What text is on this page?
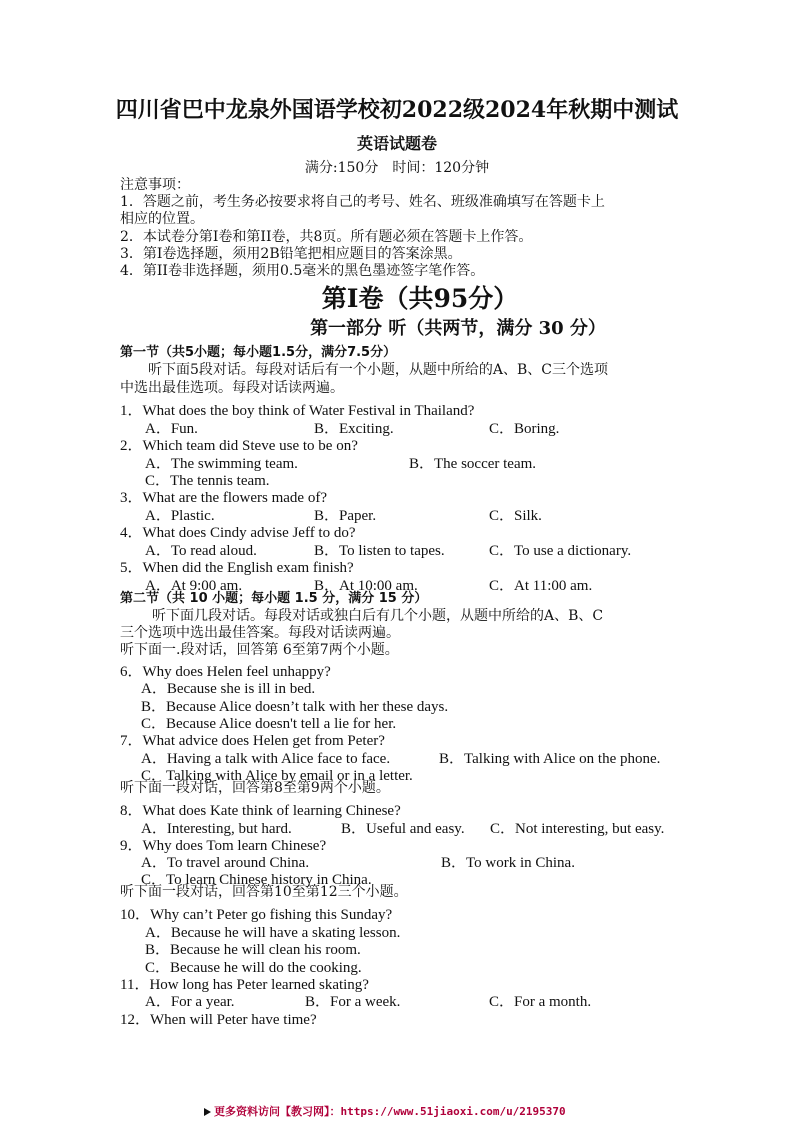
四川省巴中龙泉外国语学校初2022级2024年秋期中测试
英语试题卷
满分:150分　时间：120分钟
注意事项：
1．答题之前，考生务必按要求将自己的考号、姓名、班级准确填写在答题卡上
相应的位置。
2．本试卷分第I卷和第II卷，共8页。所有题必须在答题卡上作答。
3．第I卷选择题，须用2B铅笔把相应题目的答案涂黑。
4．第II卷非选择题，须用0.5毫米的黑色墨迹签字笔作答。
第I卷（共95分）
第一部分 听（共两节，满分 30 分）
第一节（共5小题；每小题1.5分，满分7.5分）
听下面5段对话。每段对话后有一个小题，从题中所给的A、B、C三个选项
中选出最佳选项。每段对话读两遍。
1．What does the boy think of Water Festival in Thailand?
A．Fun.	B．Exciting.	C．Boring.
2．Which team did Steve use to be on?
A．The swimming team.	B．The soccer team.
C．The tennis team.
3．What are the flowers made of?
A．Plastic.	B．Paper.	C．Silk.
4．What does Cindy advise Jeff to do?
A．To read aloud.	B．To listen to tapes.	C．To use a dictionary.
5．When did the English exam finish?
A．At 9:00 am.	B．At 10:00 am.	C．At 11:00 am.
第二节（共 10 小题；每小题 1.5 分，满分 15 分）
听下面几段对话。每段对话或独白后有几个小题，从题中所给的A、B、C
三个选项中选出最佳答案。每段对话读两遍。
听下面一.段对话，回答第 6至第7两个小题。
6．Why does Helen feel unhappy?
A．Because she is ill in bed.
B．Because Alice doesn’t talk with her these days.
C．Because Alice doesn't tell a lie for her.
7．What advice does Helen get from Peter?
A．Having a talk with Alice face to face.	B．Talking with Alice on the phone.
C．Talking with Alice by email or in a letter.
听下面一段对话，回答第8至第9两个小题。
8．What does Kate think of learning Chinese?
A．Interesting, but hard.	B．Useful and easy. C．Not interesting, but easy.
9．Why does Tom learn Chinese?
A．To travel around China.	B．To work in China.
C．To learn Chinese history in China.
听下面一段对话，回答第10至第12三个小题。
10．Why can’t Peter go fishing this Sunday?
A．Because he will have a skating lesson.
B．Because he will clean his room.
C．Because he will do the cooking.
11．How long has Peter learned skating?
A．For a year.	B．For a week.	C．For a month.
12．When will Peter have time?
更多资料访问【教习网】：https://www.51jiaoxi.com/u/2195370
